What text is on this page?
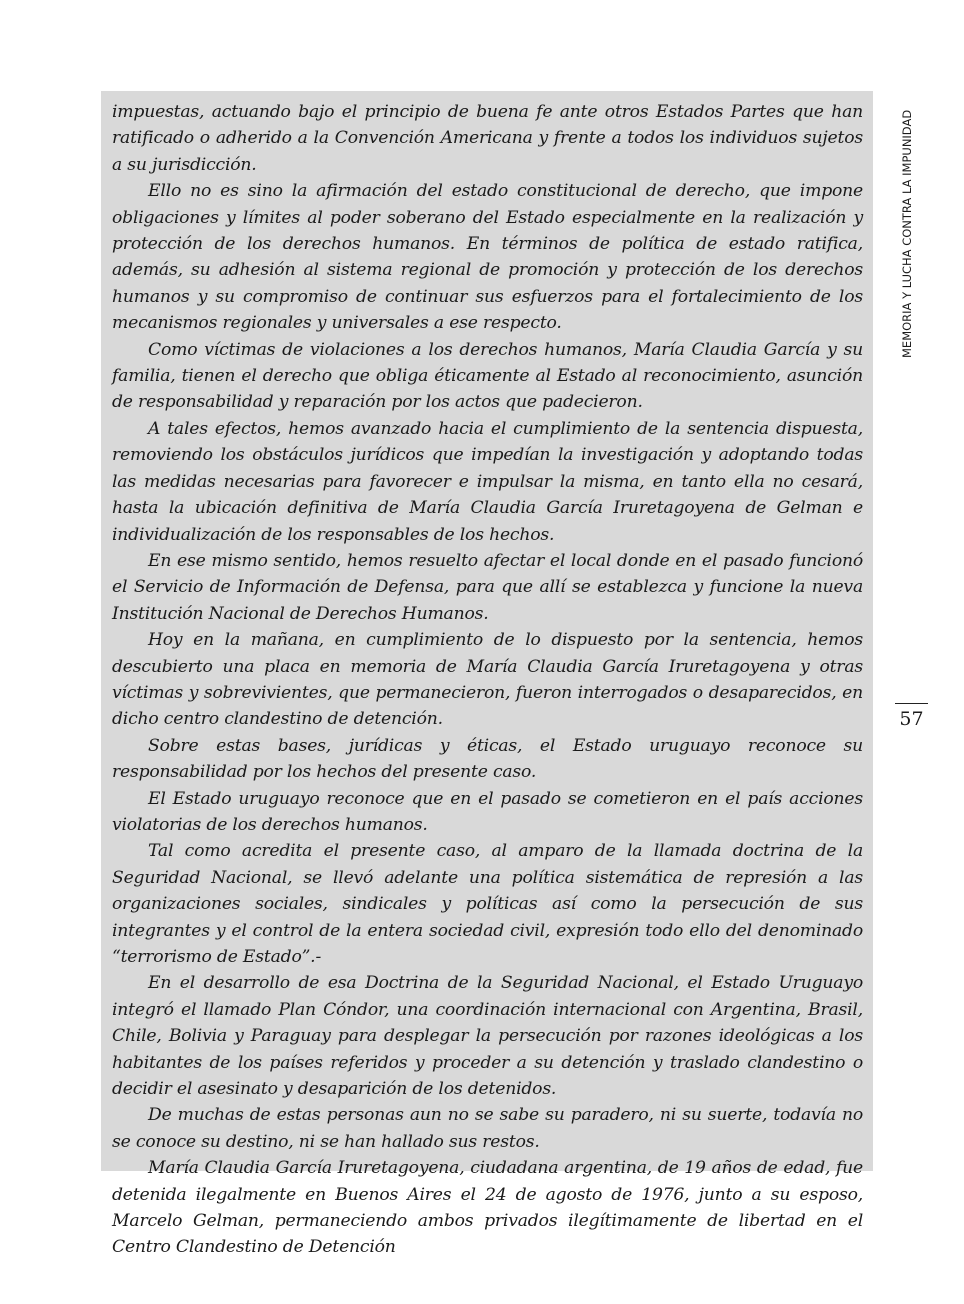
impuestas, actuando bajo el principio de buena fe ante otros Estados Partes que han ratificado o adherido a la Convención Americana y frente a todos los individuos sujetos a su jurisdicción.

Ello no es sino la afirmación del estado constitucional de derecho, que impone obligaciones y límites al poder soberano del Estado especialmente en la realización y protección de los derechos humanos. En términos de política de estado ratifica, además, su adhesión al sistema regional de promoción y protección de los derechos humanos y su compromiso de continuar sus esfuerzos para el fortalecimiento de los mecanismos regionales y universales a ese respecto.

Como víctimas de violaciones a los derechos humanos, María Claudia García y su familia, tienen el derecho que obliga éticamente al Estado al reconocimiento, asunción de responsabilidad y reparación por los actos que padecieron.

A tales efectos, hemos avanzado hacia el cumplimiento de la sentencia dispuesta, removiendo los obstáculos jurídicos que impedían la investigación y adoptando todas las medidas necesarias para favorecer e impulsar la misma, en tanto ella no cesará, hasta la ubicación definitiva de María Claudia García Iruretagoyena de Gelman e individualización de los responsables de los hechos.

En ese mismo sentido, hemos resuelto afectar el local donde en el pasado funcionó el Servicio de Información de Defensa, para que allí se establezca y funcione la nueva Institución Nacional de Derechos Humanos.

Hoy en la mañana, en cumplimiento de lo dispuesto por la sentencia, hemos descubierto una placa en memoria de María Claudia García Iruretagoyena y otras víctimas y sobrevivientes, que permanecieron, fueron interrogados o desaparecidos, en dicho centro clandestino de detención.

Sobre estas bases, jurídicas y éticas, el Estado uruguayo reconoce su responsabilidad por los hechos del presente caso.

El Estado uruguayo reconoce que en el pasado se cometieron en el país acciones violatorias de los derechos humanos.

Tal como acredita el presente caso, al amparo de la llamada doctrina de la Seguridad Nacional, se llevó adelante una política sistemática de represión a las organizaciones sociales, sindicales y políticas así como la persecución de sus integrantes y el control de la entera sociedad civil, expresión todo ello del denominado “terrorismo de Estado”.-

En el desarrollo de esa Doctrina de la Seguridad Nacional, el Estado Uruguayo integró el llamado Plan Cóndor, una coordinación internacional con Argentina, Brasil, Chile, Bolivia y Paraguay para desplegar la persecución por razones ideológicas a los habitantes de los países referidos y proceder a su detención y traslado clandestino o decidir el asesinato y desaparición de los detenidos.

De muchas de estas personas aun no se sabe su paradero, ni su suerte, todavía no se conoce su destino, ni se han hallado sus restos.

María Claudia García Iruretagoyena, ciudadana argentina, de 19 años de edad, fue detenida ilegalmente en Buenos Aires el 24 de agosto de 1976, junto a su esposo, Marcelo Gelman, permaneciendo ambos privados ilegítimamente de libertad en el Centro Clandestino de Detención

MEMORIA Y LUCHA CONTRA LA IMPUNIDAD
57
